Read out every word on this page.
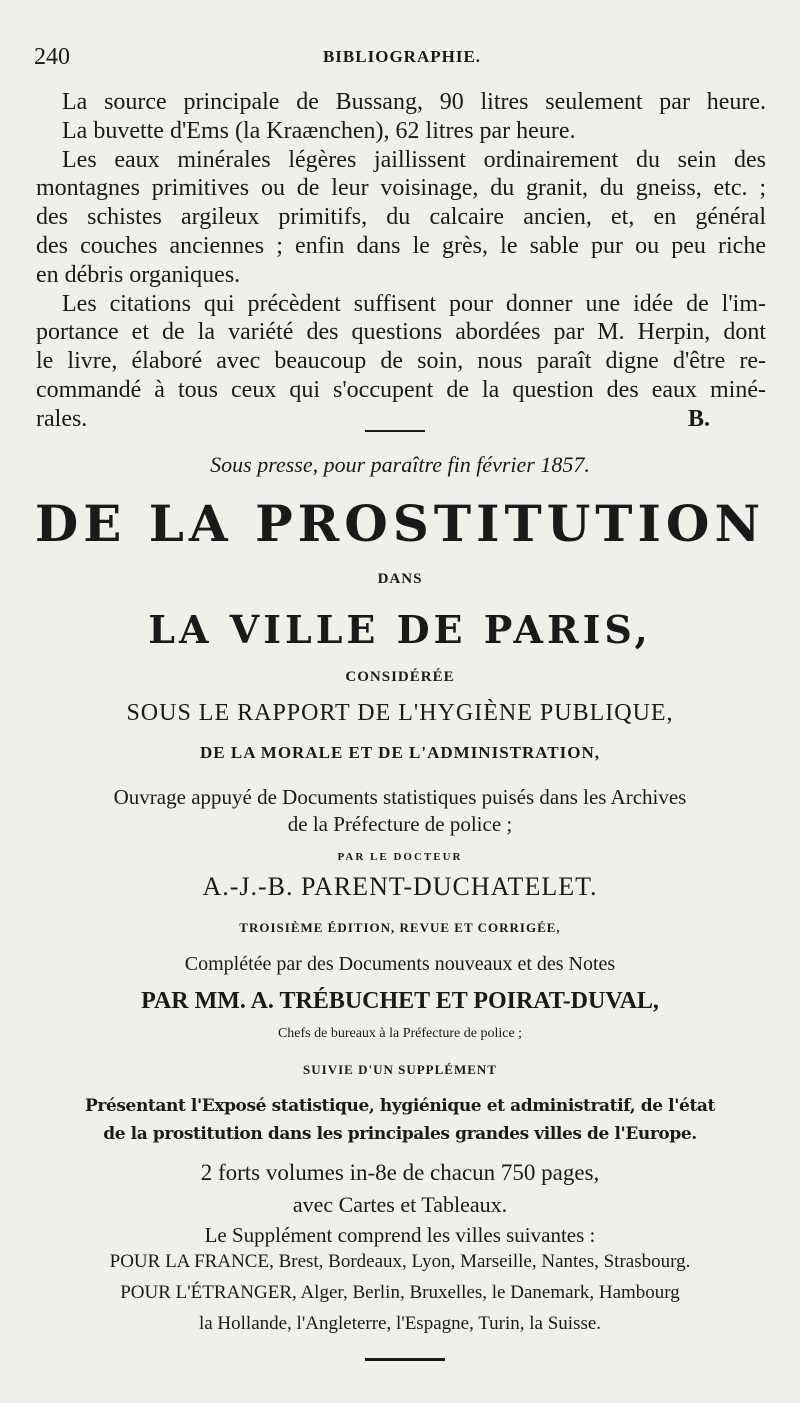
240	BIBLIOGRAPHIE.
La source principale de Bussang, 90 litres seulement par heure.
La buvette d'Ems (la Kraænchen), 62 litres par heure.
Les eaux minérales légères jaillissent ordinairement du sein des
montagnes primitives ou de leur voisinage, du granit, du gneiss, etc. ;
des schistes argileux primitifs, du calcaire ancien, et, en général
des couches anciennes ; enfin dans le grès, le sable pur ou peu riche
en débris organiques.
Les citations qui précèdent suffisent pour donner une idée de l'im-
portance et de la variété des questions abordées par M. Herpin, dont
le livre, élaboré avec beaucoup de soin, nous paraît digne d'être re-
commandé à tous ceux qui s'occupent de la question des eaux miné-
rales.	B.
Sous presse, pour paraître fin février 1857.
DE LA PROSTITUTION
DANS
LA VILLE DE PARIS,
CONSIDÉRÉE
SOUS LE RAPPORT DE L'HYGIÈNE PUBLIQUE,
DE LA MORALE ET DE L'ADMINISTRATION,
Ouvrage appuyé de Documents statistiques puisés dans les Archives
de la Préfecture de police ;
PAR LE DOCTEUR
A.-J.-B. PARENT-DUCHATELET.
TROISIÈME ÉDITION, REVUE ET CORRIGÉE,
Complétée par des Documents nouveaux et des Notes
PAR MM. A. TRÉBUCHET ET POIRAT-DUVAL,
Chefs de bureaux à la Préfecture de police ;
SUIVIE D'UN SUPPLÉMENT
Présentant l'Exposé statistique, hygiénique et administratif, de l'état
de la prostitution dans les principales grandes villes de l'Europe.
2 forts volumes in-8e de chacun 750 pages,
avec Cartes et Tableaux.
Le Supplément comprend les villes suivantes :
POUR LA FRANCE, Brest, Bordeaux, Lyon, Marseille, Nantes, Strasbourg.
POUR L'ÉTRANGER, Alger, Berlin, Bruxelles, le Danemark, Hambourg
la Hollande, l'Angleterre, l'Espagne, Turin, la Suisse.
